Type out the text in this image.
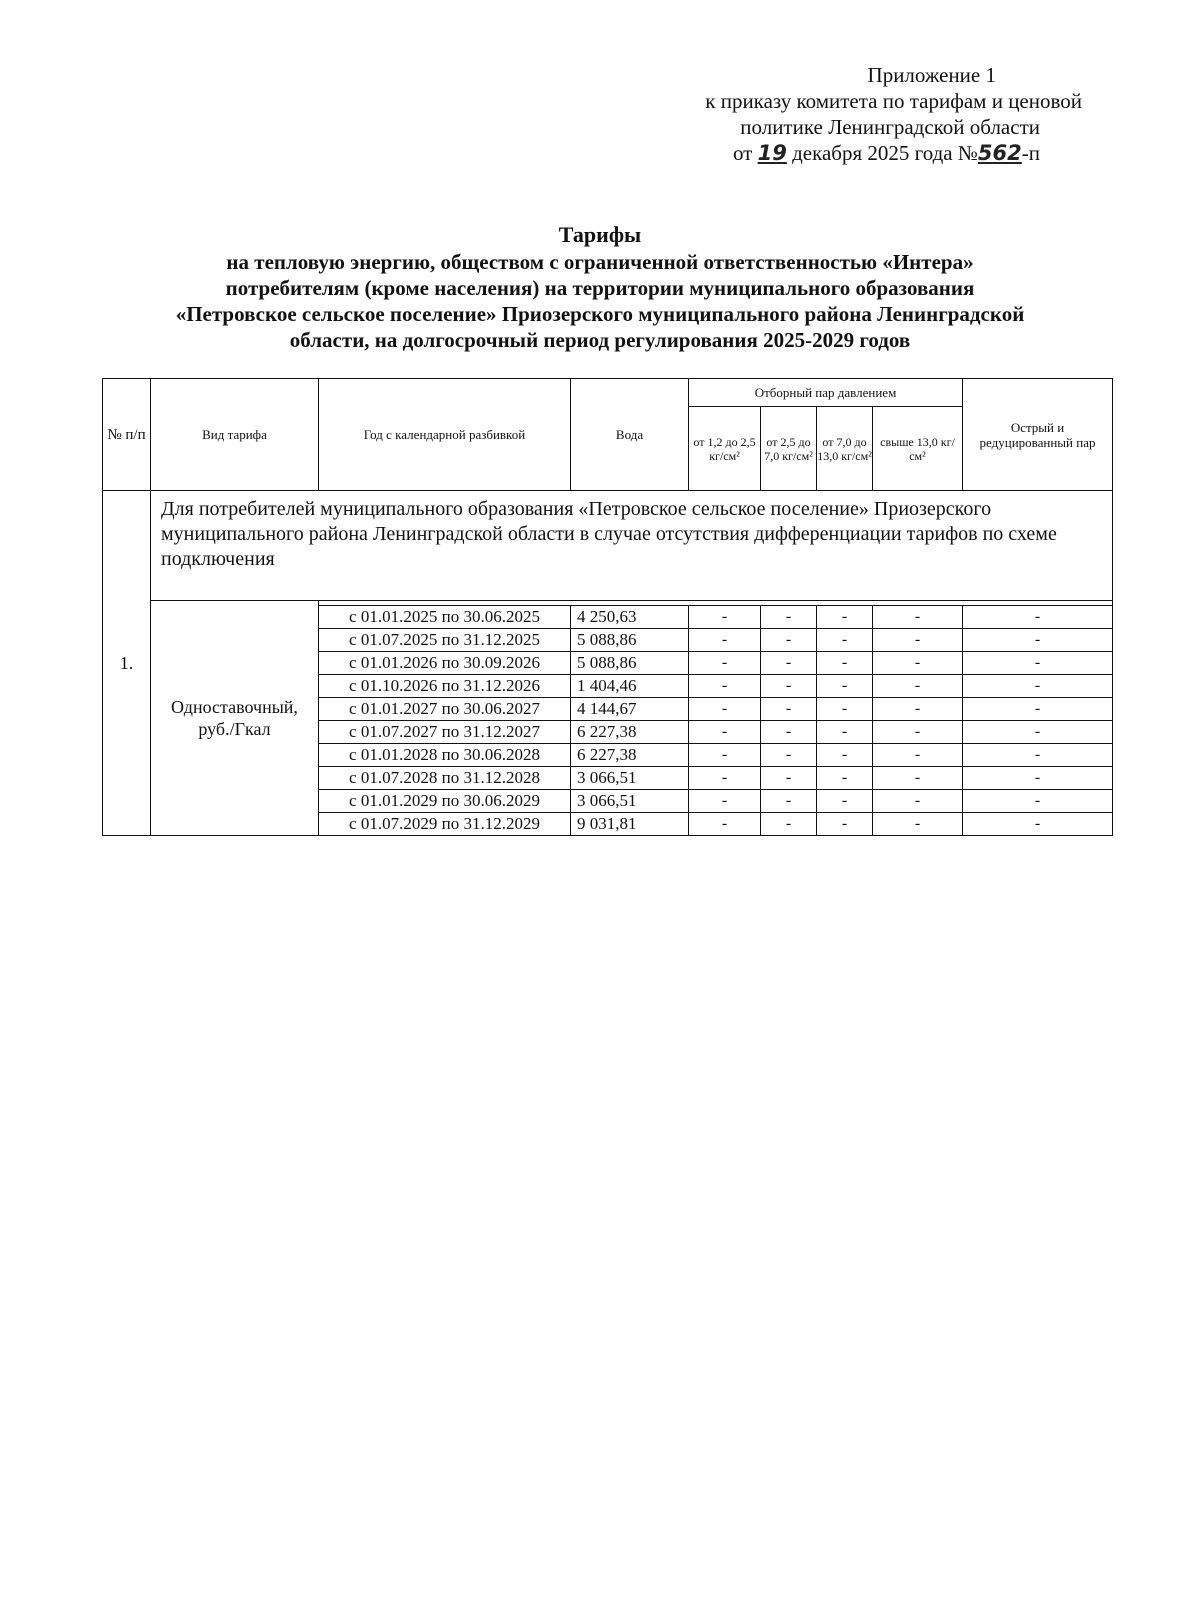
Приложение 1
к приказу комитета по тарифам и ценовой
политике Ленинградской области
от 19 декабря 2025 года №562-п
Тарифы
на тепловую энергию, обществом с ограниченной ответственностью «Интера»
потребителям (кроме населения) на территории муниципального образования
«Петровское сельское поселение» Приозерского муниципального района Ленинградской
области, на долгосрочный период регулирования 2025-2029 годов
№ п/п	Вид тарифа	Год с календарной разбивкой	Вода	Отборный пар давлением				Острый и редуцированный пар
				от 1,2 до 2,5 кг/см²	от 2,5 до 7,0 кг/см²	от 7,0 до 13,0 кг/см²	свыше 13,0 кг/см²	
1.	Для потребителей муниципального образования «Петровское сельское поселение» Приозерского муниципального района Ленинградской области в случае отсутствия дифференциации тарифов по схеме подключения							
	Одноставочный, руб./Гкал							
		с 01.01.2025 по 30.06.2025	4 250,63	-	-	-	-	-
		с 01.07.2025 по 31.12.2025	5 088,86	-	-	-	-	-
		с 01.01.2026 по 30.09.2026	5 088,86	-	-	-	-	-
		с 01.10.2026 по 31.12.2026	1 404,46	-	-	-	-	-
		с 01.01.2027 по 30.06.2027	4 144,67	-	-	-	-	-
		с 01.07.2027 по 31.12.2027	6 227,38	-	-	-	-	-
		с 01.01.2028 по 30.06.2028	6 227,38	-	-	-	-	-
		с 01.07.2028 по 31.12.2028	3 066,51	-	-	-	-	-
		с 01.01.2029 по 30.06.2029	3 066,51	-	-	-	-	-
		с 01.07.2029 по 31.12.2029	9 031,81	-	-	-	-	-
